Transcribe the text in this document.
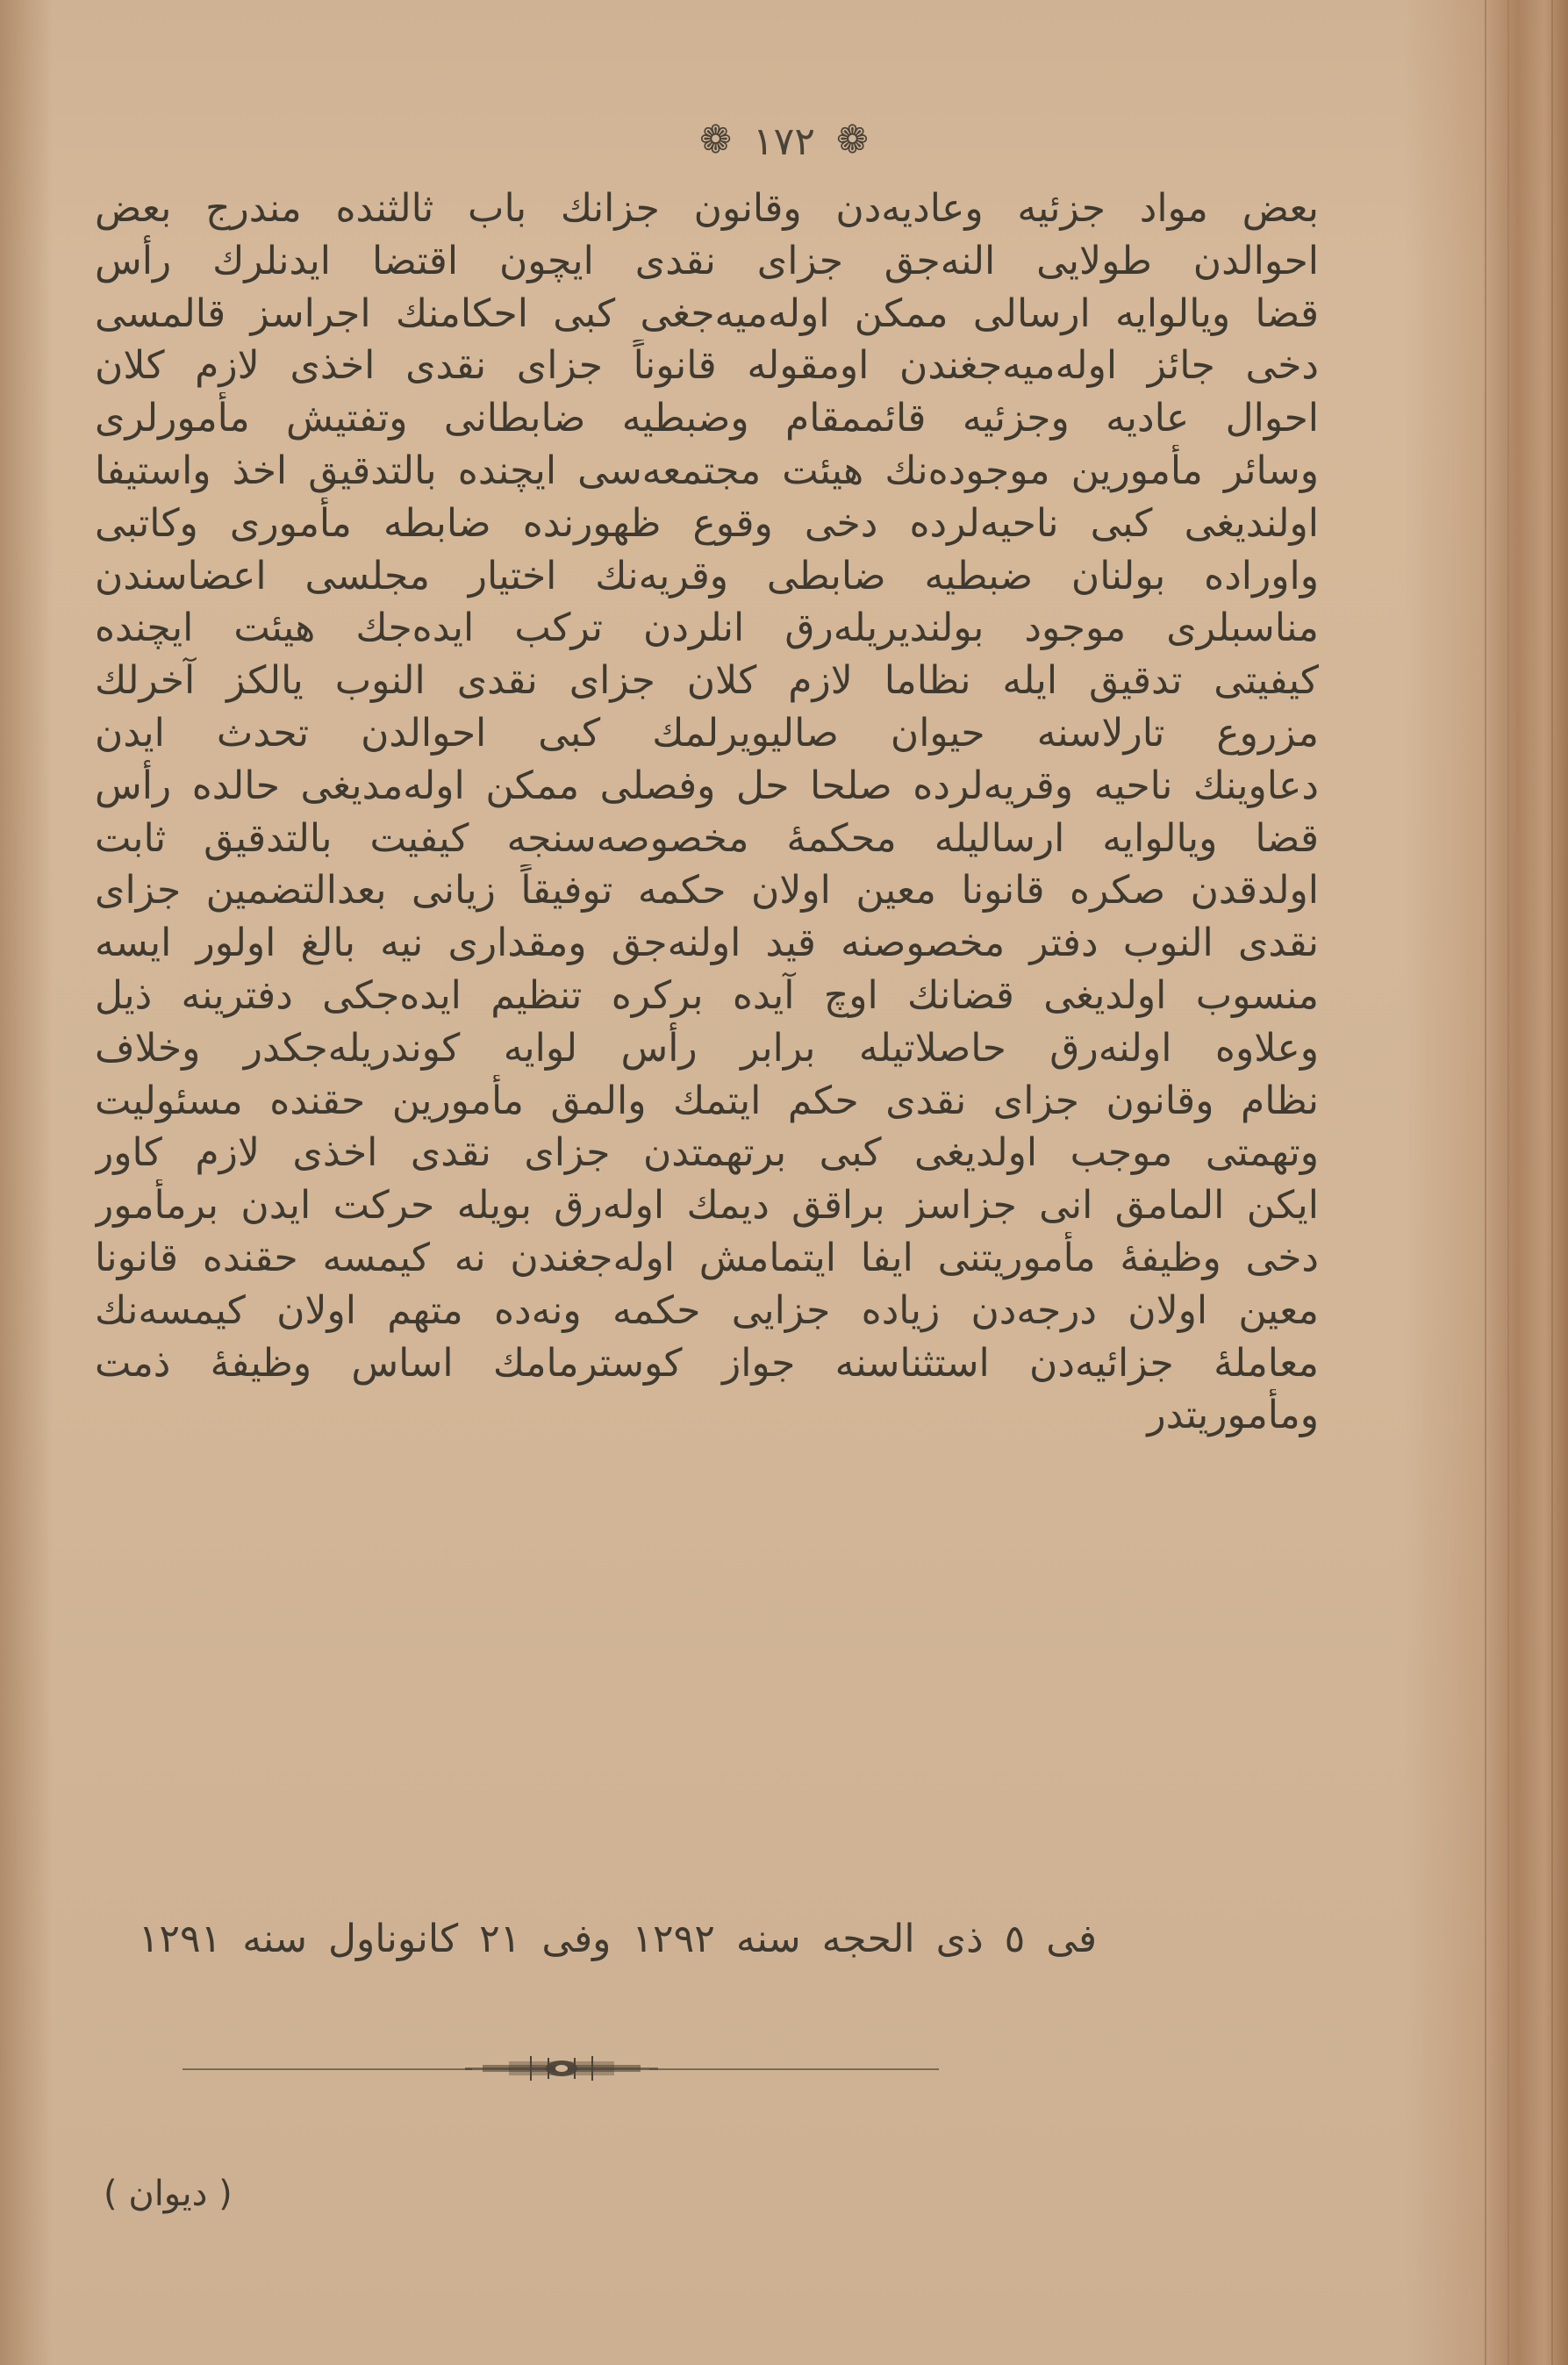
❁ ١٧٢ ❁
بعض مواد جزئیه وعادیه‌دن وقانون جزانك باب ثالثنده مندرج بعض
احوالدن طولایی النه‌جق جزای نقدی ایچون اقتضا ایدنلرك رأس
قضا ویالوایه ارسالی ممكن اوله‌میه‌جغی كبی احكامنك اجراسز قالمسی
دخی جائز اوله‌میه‌جغندن اومقوله قانوناً جزای نقدی اخذی لازم كلان
احوال عادیه وجزئیه قائممقام وضبطیه ضابطانی وتفتیش مأمورلری
وسائر مأمورین موجوده‌نك هیئت مجتمعه‌سی ایچنده بالتدقیق اخذ واستیفا
اولندیغی كبی ناحیه‌لرده دخی وقوع ظهورنده ضابطه مأموری وكاتبی
واوراده بولنان ضبطیه ضابطی وقریه‌نك اختیار مجلسی اعضاسندن
مناسبلری موجود بولندیریله‌رق انلردن تركب ایده‌جك هیئت ایچنده
كیفیتی تدقیق ایله نظاما لازم كلان جزای نقدی النوب یالكز آخرلك
مزروع تارلاسنه حیوان صالیویرلمك كبی احوالدن تحدث ایدن
دعاوینك ناحیه وقریه‌لرده صلحا حل وفصلی ممكن اوله‌مدیغی حالده رأس
قضا ویالوایه ارسالیله محكمهٔ مخصوصه‌سنجه كیفیت بالتدقیق ثابت
اولدقدن صكره قانونا معین اولان حكمه توفیقاً زیانی بعدالتضمین جزای
نقدی النوب دفتر مخصوصنه قید اولنه‌جق ومقداری نیه بالغ اولور ایسه
منسوب اولدیغی قضانك اوچ آیده بركره تنظیم ایده‌جكی دفترینه ذیل
وعلاوه اولنه‌رق حاصلاتیله برابر رأس لوایه كوندریله‌جكدر وخلاف
نظام وقانون جزای نقدی حكم ایتمك والمق مأمورین حقنده مسئولیت
وتهمتی موجب اولدیغی كبی برتهمتدن جزای نقدی اخذی لازم كاور
ایكن المامق انی جزاسز براقق دیمك اوله‌رق بویله حركت ایدن برمأمور
دخی وظیفهٔ مأموریتنی ایفا ایتمامش اوله‌جغندن نه كیمسه حقنده قانونا
معین اولان درجه‌دن زیاده جزایی حكمه ونه‌ده متهم اولان كیمسه‌نك
معاملهٔ جزائیه‌دن استثناسنه جواز كوسترمامك اساس وظیفهٔ ذمت
ومأموریتدر
فی ٥ ذی الحجه سنه ١٢٩٢ وفی ٢١ كانوناول سنه ١٢٩١
( دیوان )
